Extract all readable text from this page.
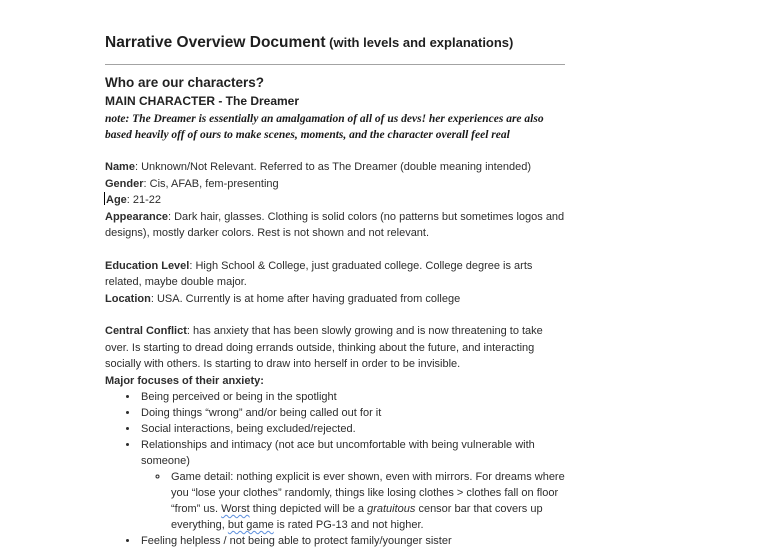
Narrative Overview Document (with levels and explanations)
Who are our characters?
MAIN CHARACTER - The Dreamer

note: The Dreamer is essentially an amalgamation of all of us devs! her experiences are also based heavily off of ours to make scenes, moments, and the character overall feel real

Name: Unknown/Not Relevant. Referred to as The Dreamer (double meaning intended)

Gender: Cis, AFAB, fem-presenting

Age: 21-22

Appearance: Dark hair, glasses. Clothing is solid colors (no patterns but sometimes logos and designs), mostly darker colors. Rest is not shown and not relevant.

Education Level: High School & College, just graduated college. College degree is arts related, maybe double major.

Location: USA. Currently is at home after having graduated from college

Central Conflict: has anxiety that has been slowly growing and is now threatening to take over. Is starting to dread doing errands outside, thinking about the future, and interacting socially with others. Is starting to draw into herself in order to be invisible.

Major focuses of their anxiety:

• Being perceived or being in the spotlight
• Doing things “wrong” and/or being called out for it
• Social interactions, being excluded/rejected.
• Relationships and intimacy (not ace but uncomfortable with being vulnerable with someone)
◦ Game detail: nothing explicit is ever shown, even with mirrors. For dreams where you “lose your clothes” randomly, things like losing clothes > clothes fall on floor “from” us. Worst thing depicted will be a gratuitous censor bar that covers up everything, but game is rated PG-13 and not higher.
• Feeling helpless / not being able to protect family/younger sister
